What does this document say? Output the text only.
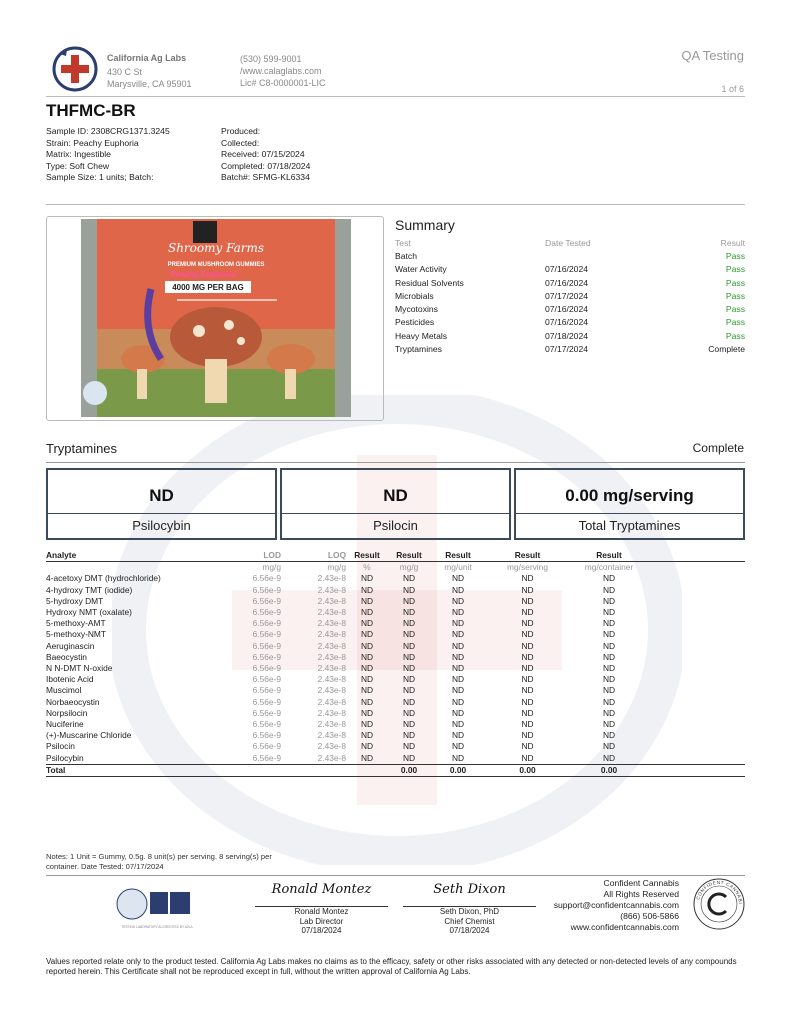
California Ag Labs
430 C St
Marysville, CA 95901
(530) 599-9001
/www.calaglabs.com
Lic# C8-0000001-LIC
QA Testing
1 of 6
THFMC-BR
Sample ID: 2308CRG1371.3245
Strain: Peachy Euphoria
Matrix: Ingestible
Type: Soft Chew
Sample Size: 1 units; Batch:
Produced:
Collected:
Received: 07/15/2024
Completed: 07/18/2024
Batch#: SFMG-KL6334
Shroomy Farms
PREMIUM MUSHROOM GUMMIES
Peachy Euphoria
4000 MG PER BAG
Summary
Test	Date Tested	Result
Batch		Pass
Water Activity	07/16/2024	Pass
Residual Solvents	07/16/2024	Pass
Microbials	07/17/2024	Pass
Mycotoxins	07/16/2024	Pass
Pesticides	07/16/2024	Pass
Heavy Metals	07/18/2024	Pass
Tryptamines	07/17/2024	Complete
Tryptamines	Complete
ND
Psilocybin
ND
Psilocin
0.00 mg/serving
Total Tryptamines
Analyte	LOD	LOQ	Result	Result	Result	Result	Result	
	mg/g	mg/g	%	mg/g	mg/unit	mg/serving	mg/container	
4-acetoxy DMT (hydrochloride)	6.56e-9	2.43e-8	ND	ND	ND	ND	ND	
4-hydroxy TMT (iodide)	6.56e-9	2.43e-8	ND	ND	ND	ND	ND	
5-hydroxy DMT	6.56e-9	2.43e-8	ND	ND	ND	ND	ND	
Hydroxy NMT (oxalate)	6.56e-9	2.43e-8	ND	ND	ND	ND	ND	
5-methoxy-AMT	6.56e-9	2.43e-8	ND	ND	ND	ND	ND	
5-methoxy-NMT	6.56e-9	2.43e-8	ND	ND	ND	ND	ND	
Aeruginascin	6.56e-9	2.43e-8	ND	ND	ND	ND	ND	
Baeocystin	6.56e-9	2.43e-8	ND	ND	ND	ND	ND	
N N-DMT N-oxide	6.56e-9	2.43e-8	ND	ND	ND	ND	ND	
Ibotenic Acid	6.56e-9	2.43e-8	ND	ND	ND	ND	ND	
Muscimol	6.56e-9	2.43e-8	ND	ND	ND	ND	ND	
Norbaeocystin	6.56e-9	2.43e-8	ND	ND	ND	ND	ND	
Norpsilocin	6.56e-9	2.43e-8	ND	ND	ND	ND	ND	
Nuciferine	6.56e-9	2.43e-8	ND	ND	ND	ND	ND	
(+)-Muscarine Chloride	6.56e-9	2.43e-8	ND	ND	ND	ND	ND	
Psilocin	6.56e-9	2.43e-8	ND	ND	ND	ND	ND	
Psilocybin	6.56e-9	2.43e-8	ND	ND	ND	ND	ND	
Total				0.00	0.00	0.00	0.00	
Notes: 1 Unit = Gummy, 0.5g. 8 unit(s) per serving. 8 serving(s) per container. Date Tested: 07/17/2024
TESTING LABORATORY ACCREDITED BY A2LA
Ronald Montez
Ronald Montez
Lab Director
07/18/2024
Seth Dixon
Seth Dixon, PhD
Chief Chemist
07/18/2024
Confident Cannabis
All Rights Reserved
support@confidentcannabis.com
(866) 506-5866
www.confidentcannabis.com
CONFIDENT CANNABI
Values reported relate only to the product tested. California Ag Labs makes no claims as to the efficacy, safety or other risks associated with any detected or non-detected levels of any compounds reported herein. This Certificate shall not be reproduced except in full, without the written approval of California Ag Labs.
